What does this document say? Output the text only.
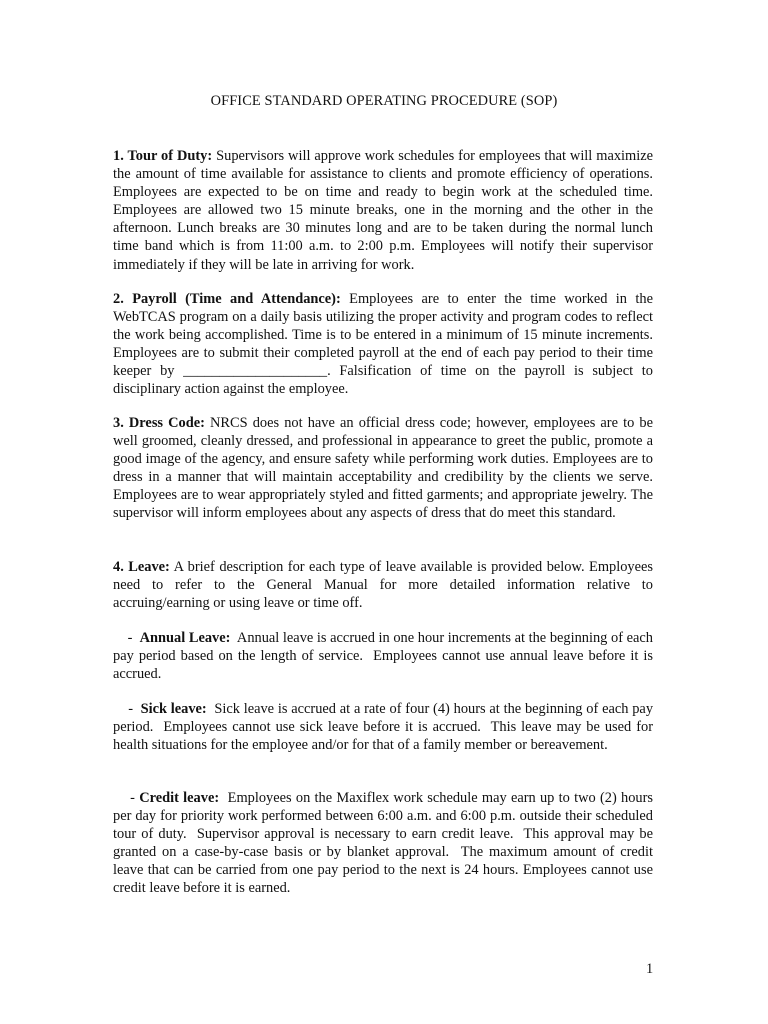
OFFICE STANDARD OPERATING PROCEDURE (SOP)

1. Tour of Duty: Supervisors will approve work schedules for employees that will maximize the amount of time available for assistance to clients and promote efficiency of operations. Employees are expected to be on time and ready to begin work at the scheduled time. Employees are allowed two 15 minute breaks, one in the morning and the other in the afternoon. Lunch breaks are 30 minutes long and are to be taken during the normal lunch time band which is from 11:00 a.m. to 2:00 p.m. Employees will notify their supervisor immediately if they will be late in arriving for work.

2. Payroll (Time and Attendance): Employees are to enter the time worked in the WebTCAS program on a daily basis utilizing the proper activity and program codes to reflect the work being accomplished. Time is to be entered in a minimum of 15 minute increments. Employees are to submit their completed payroll at the end of each pay period to their time keeper by ____________________. Falsification of time on the payroll is subject to disciplinary action against the employee.

3. Dress Code: NRCS does not have an official dress code; however, employees are to be well groomed, cleanly dressed, and professional in appearance to greet the public, promote a good image of the agency, and ensure safety while performing work duties. Employees are to dress in a manner that will maintain acceptability and credibility by the clients we serve. Employees are to wear appropriately styled and fitted garments; and appropriate jewelry. The supervisor will inform employees about any aspects of dress that do meet this standard.

4. Leave: A brief description for each type of leave available is provided below. Employees need to refer to the General Manual for more detailed information relative to accruing/earning or using leave or time off.

-  Annual Leave:  Annual leave is accrued in one hour increments at the beginning of each pay period based on the length of service.  Employees cannot use annual leave before it is accrued.

-  Sick leave:  Sick leave is accrued at a rate of four (4) hours at the beginning of each pay period.  Employees cannot use sick leave before it is accrued.  This leave may be used for health situations for the employee and/or for that of a family member or bereavement.

- Credit leave:  Employees on the Maxiflex work schedule may earn up to two (2) hours per day for priority work performed between 6:00 a.m. and 6:00 p.m. outside their scheduled tour of duty.  Supervisor approval is necessary to earn credit leave.  This approval may be granted on a case-by-case basis or by blanket approval.  The maximum amount of credit leave that can be carried from one pay period to the next is 24 hours. Employees cannot use credit leave before it is earned.

1
